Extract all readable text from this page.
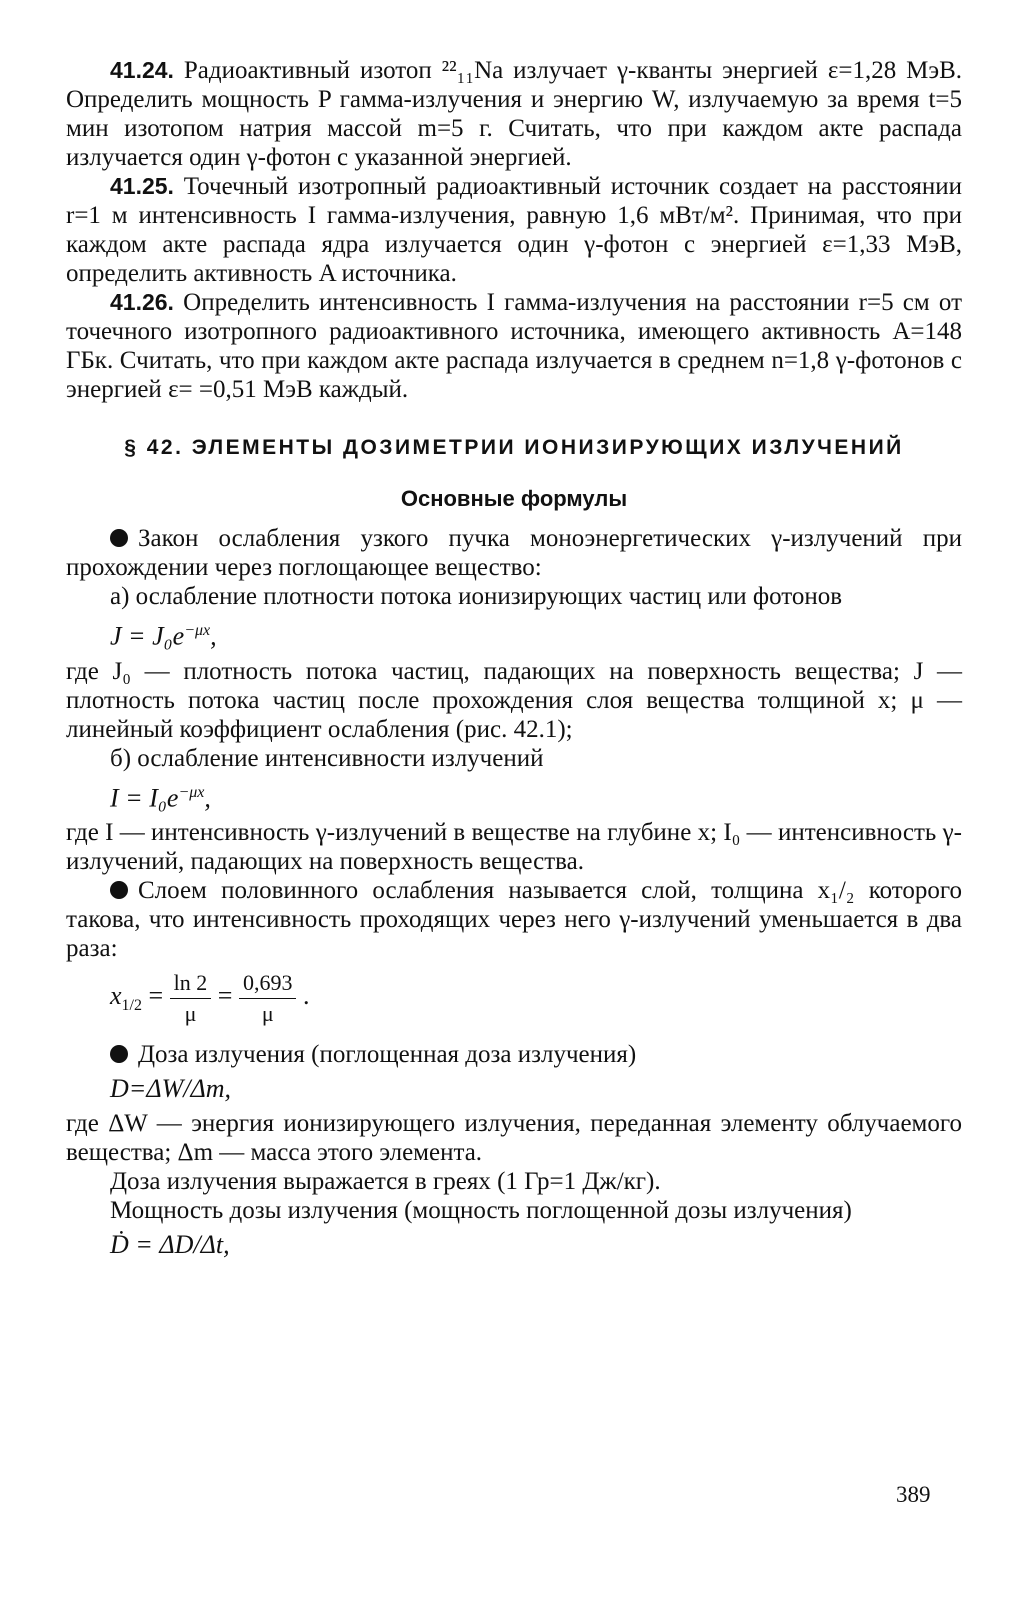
41.24. Радиоактивный изотоп ²²₁₁Na излучает γ-кванты энергией ε=1,28 МэВ. Определить мощность P гамма-излучения и энергию W, излучаемую за время t=5 мин изотопом натрия массой m=5 г. Считать, что при каждом акте распада излучается один γ-фотон с указанной энергией.

41.25. Точечный изотропный радиоактивный источник создает на расстоянии r=1 м интенсивность I гамма-излучения, равную 1,6 мВт/м². Принимая, что при каждом акте распада ядра излучается один γ-фотон с энергией ε=1,33 МэВ, определить активность A источника.

41.26. Определить интенсивность I гамма-излучения на расстоянии r=5 см от точечного изотропного радиоактивного источника, имеющего активность A=148 ГБк. Считать, что при каждом акте распада излучается в среднем n=1,8 γ-фотонов с энергией ε= =0,51 МэВ каждый.

§ 42. ЭЛЕМЕНТЫ ДОЗИМЕТРИИ ИОНИЗИРУЮЩИХ ИЗЛУЧЕНИЙ
Основные формулы

Закон ослабления узкого пучка моноэнергетических γ-излучений при прохождении через поглощающее вещество:

а) ослабление плотности потока ионизирующих частиц или фотонов

$J = J_0e^{-\mu x}$,

где J₀ — плотность потока частиц, падающих на поверхность вещества; J — плотность потока частиц после прохождения слоя вещества толщиной x; μ — линейный коэффициент ослабления (рис. 42.1);

б) ослабление интенсивности излучений

$I = I_0e^{-\mu x}$,

где I — интенсивность γ-излучений в веществе на глубине x; I₀ — интенсивность γ-излучений, падающих на поверхность вещества.

Слоем половинного ослабления называется слой, толщина x₁/₂ которого такова, что интенсивность проходящих через него γ-излучений уменьшается в два раза:

$x_{1/2} = \frac{\ln 2}{\mu} = \frac{0,693}{\mu}$ .

Доза излучения (поглощенная доза излучения)

D=ΔW/Δm,

где ΔW — энергия ионизирующего излучения, переданная элементу облучаемого вещества; Δm — масса этого элемента.

Доза излучения выражается в греях (1 Гр=1 Дж/кг).

Мощность дозы излучения (мощность поглощенной дозы излучения)

Ḋ = ΔD/Δt,
389
